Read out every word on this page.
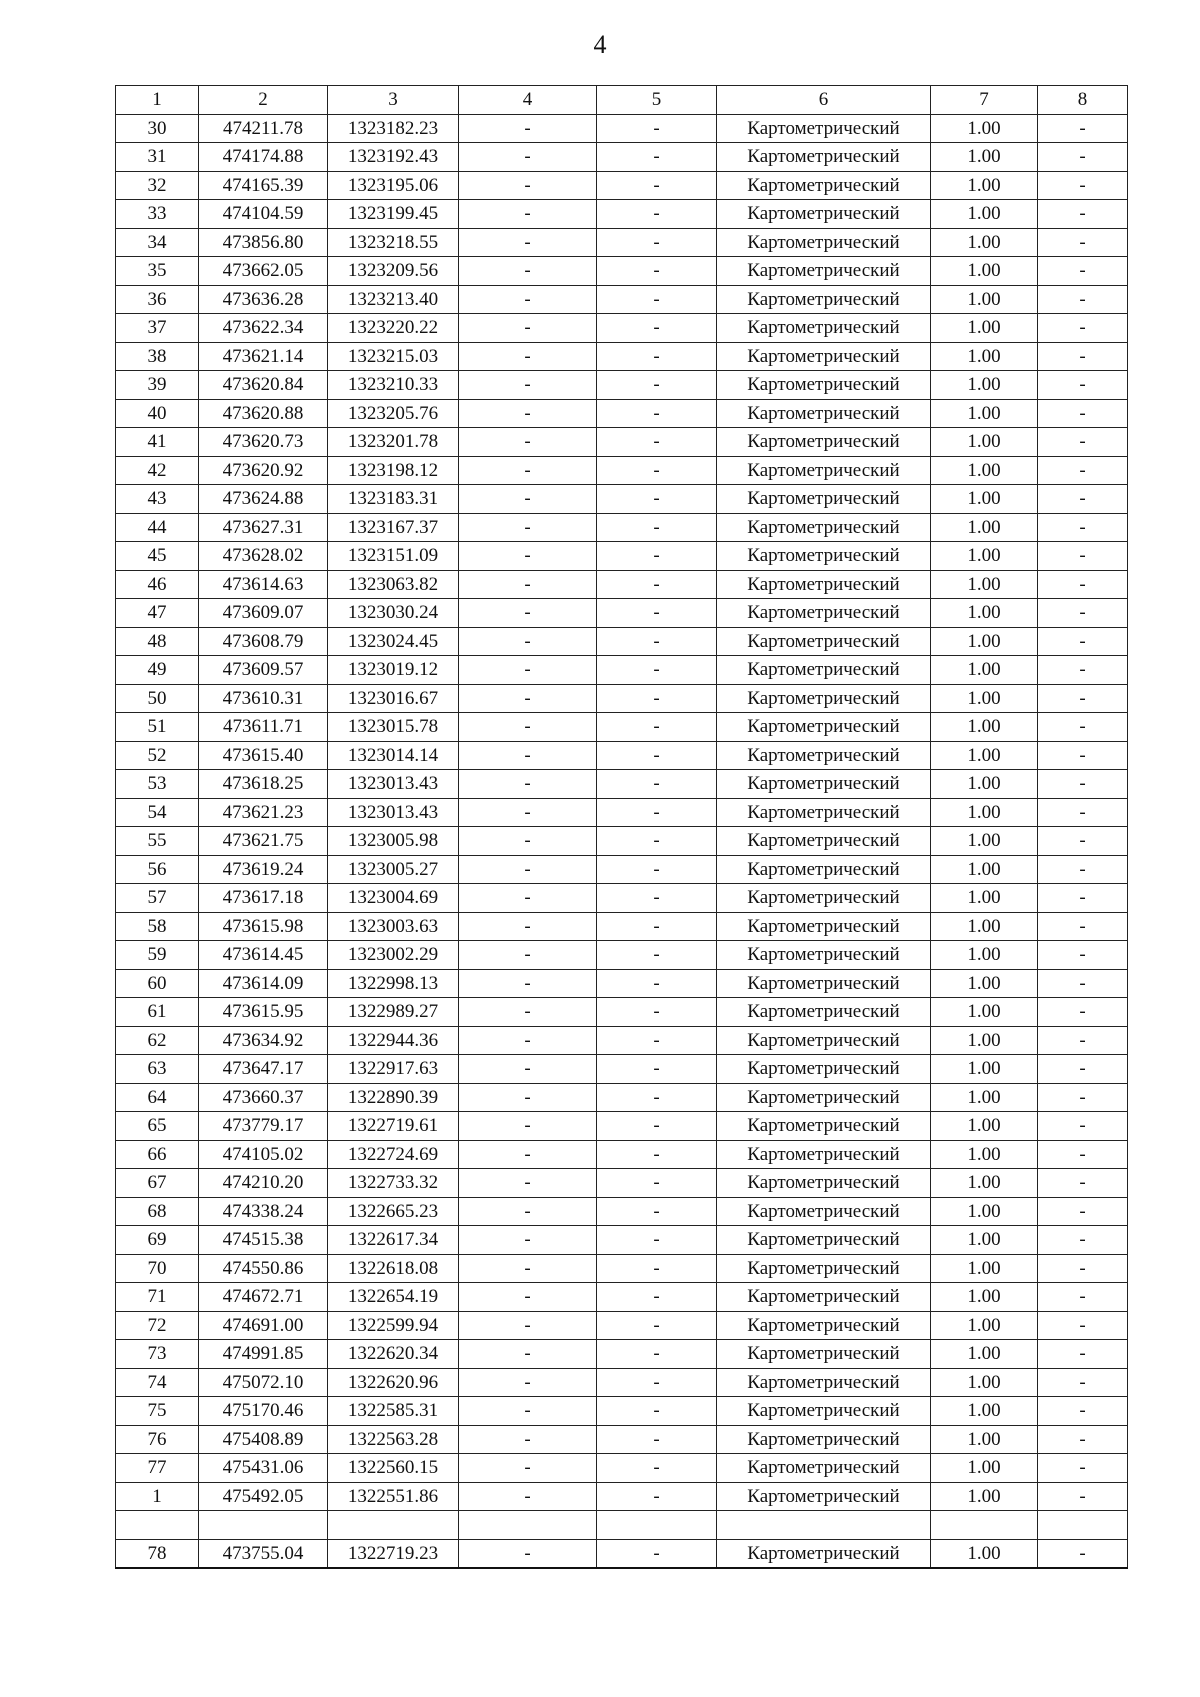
4
1	2	3	4	5	6	7	8
30	474211.78	1323182.23	-	-	Картометрический	1.00	-
31	474174.88	1323192.43	-	-	Картометрический	1.00	-
32	474165.39	1323195.06	-	-	Картометрический	1.00	-
33	474104.59	1323199.45	-	-	Картометрический	1.00	-
34	473856.80	1323218.55	-	-	Картометрический	1.00	-
35	473662.05	1323209.56	-	-	Картометрический	1.00	-
36	473636.28	1323213.40	-	-	Картометрический	1.00	-
37	473622.34	1323220.22	-	-	Картометрический	1.00	-
38	473621.14	1323215.03	-	-	Картометрический	1.00	-
39	473620.84	1323210.33	-	-	Картометрический	1.00	-
40	473620.88	1323205.76	-	-	Картометрический	1.00	-
41	473620.73	1323201.78	-	-	Картометрический	1.00	-
42	473620.92	1323198.12	-	-	Картометрический	1.00	-
43	473624.88	1323183.31	-	-	Картометрический	1.00	-
44	473627.31	1323167.37	-	-	Картометрический	1.00	-
45	473628.02	1323151.09	-	-	Картометрический	1.00	-
46	473614.63	1323063.82	-	-	Картометрический	1.00	-
47	473609.07	1323030.24	-	-	Картометрический	1.00	-
48	473608.79	1323024.45	-	-	Картометрический	1.00	-
49	473609.57	1323019.12	-	-	Картометрический	1.00	-
50	473610.31	1323016.67	-	-	Картометрический	1.00	-
51	473611.71	1323015.78	-	-	Картометрический	1.00	-
52	473615.40	1323014.14	-	-	Картометрический	1.00	-
53	473618.25	1323013.43	-	-	Картометрический	1.00	-
54	473621.23	1323013.43	-	-	Картометрический	1.00	-
55	473621.75	1323005.98	-	-	Картометрический	1.00	-
56	473619.24	1323005.27	-	-	Картометрический	1.00	-
57	473617.18	1323004.69	-	-	Картометрический	1.00	-
58	473615.98	1323003.63	-	-	Картометрический	1.00	-
59	473614.45	1323002.29	-	-	Картометрический	1.00	-
60	473614.09	1322998.13	-	-	Картометрический	1.00	-
61	473615.95	1322989.27	-	-	Картометрический	1.00	-
62	473634.92	1322944.36	-	-	Картометрический	1.00	-
63	473647.17	1322917.63	-	-	Картометрический	1.00	-
64	473660.37	1322890.39	-	-	Картометрический	1.00	-
65	473779.17	1322719.61	-	-	Картометрический	1.00	-
66	474105.02	1322724.69	-	-	Картометрический	1.00	-
67	474210.20	1322733.32	-	-	Картометрический	1.00	-
68	474338.24	1322665.23	-	-	Картометрический	1.00	-
69	474515.38	1322617.34	-	-	Картометрический	1.00	-
70	474550.86	1322618.08	-	-	Картометрический	1.00	-
71	474672.71	1322654.19	-	-	Картометрический	1.00	-
72	474691.00	1322599.94	-	-	Картометрический	1.00	-
73	474991.85	1322620.34	-	-	Картометрический	1.00	-
74	475072.10	1322620.96	-	-	Картометрический	1.00	-
75	475170.46	1322585.31	-	-	Картометрический	1.00	-
76	475408.89	1322563.28	-	-	Картометрический	1.00	-
77	475431.06	1322560.15	-	-	Картометрический	1.00	-
1	475492.05	1322551.86	-	-	Картометрический	1.00	-

78	473755.04	1322719.23	-	-	Картометрический	1.00	-
